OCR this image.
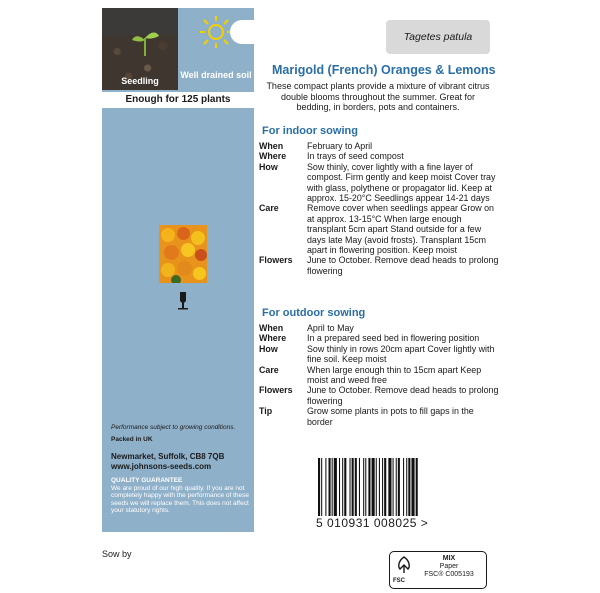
Seedling
Well drained soil
Enough for 125 plants
Performance subject to growing conditions.
Packed in UK
Newmarket, Suffolk, CB8 7QB
www.johnsons-seeds.com
QUALITY GUARANTEE
We are proud of our high quality. If you are not completely happy with the performance of these seeds we will replace them. This does not affect your statutory rights.
Tagetes patula
Marigold (French) Oranges & Lemons
These compact plants provide a mixture of vibrant citrus double blooms throughout the summer. Great for bedding, in borders, pots and containers.
For indoor sowing
When	February to April
Where	In trays of seed compost
How	Sow thinly, cover lightly with a fine layer of compost. Firm gently and keep moist Cover tray with glass, polythene or propagator lid. Keep at approx. 15-20°C Seedlings appear 14-21 days
Care	Remove cover when seedlings appear Grow on at approx. 13-15°C When large enough transplant 5cm apart Stand outside for a few days late May (avoid frosts). Transplant 15cm apart in flowering position. Keep moist
Flowers	June to October. Remove dead heads to prolong flowering
For outdoor sowing
When	April to May
Where	In a prepared seed bed in flowering position
How	Sow thinly in rows 20cm apart Cover lightly with fine soil. Keep moist
Care	When large enough thin to 15cm apart Keep moist and weed free
Flowers	June to October. Remove dead heads to prolong flowering
Tip	Grow some plants in pots to fill gaps in the border
5 010931 008025 >
Sow by
FSC
MIX
Paper
FSC® C005193
